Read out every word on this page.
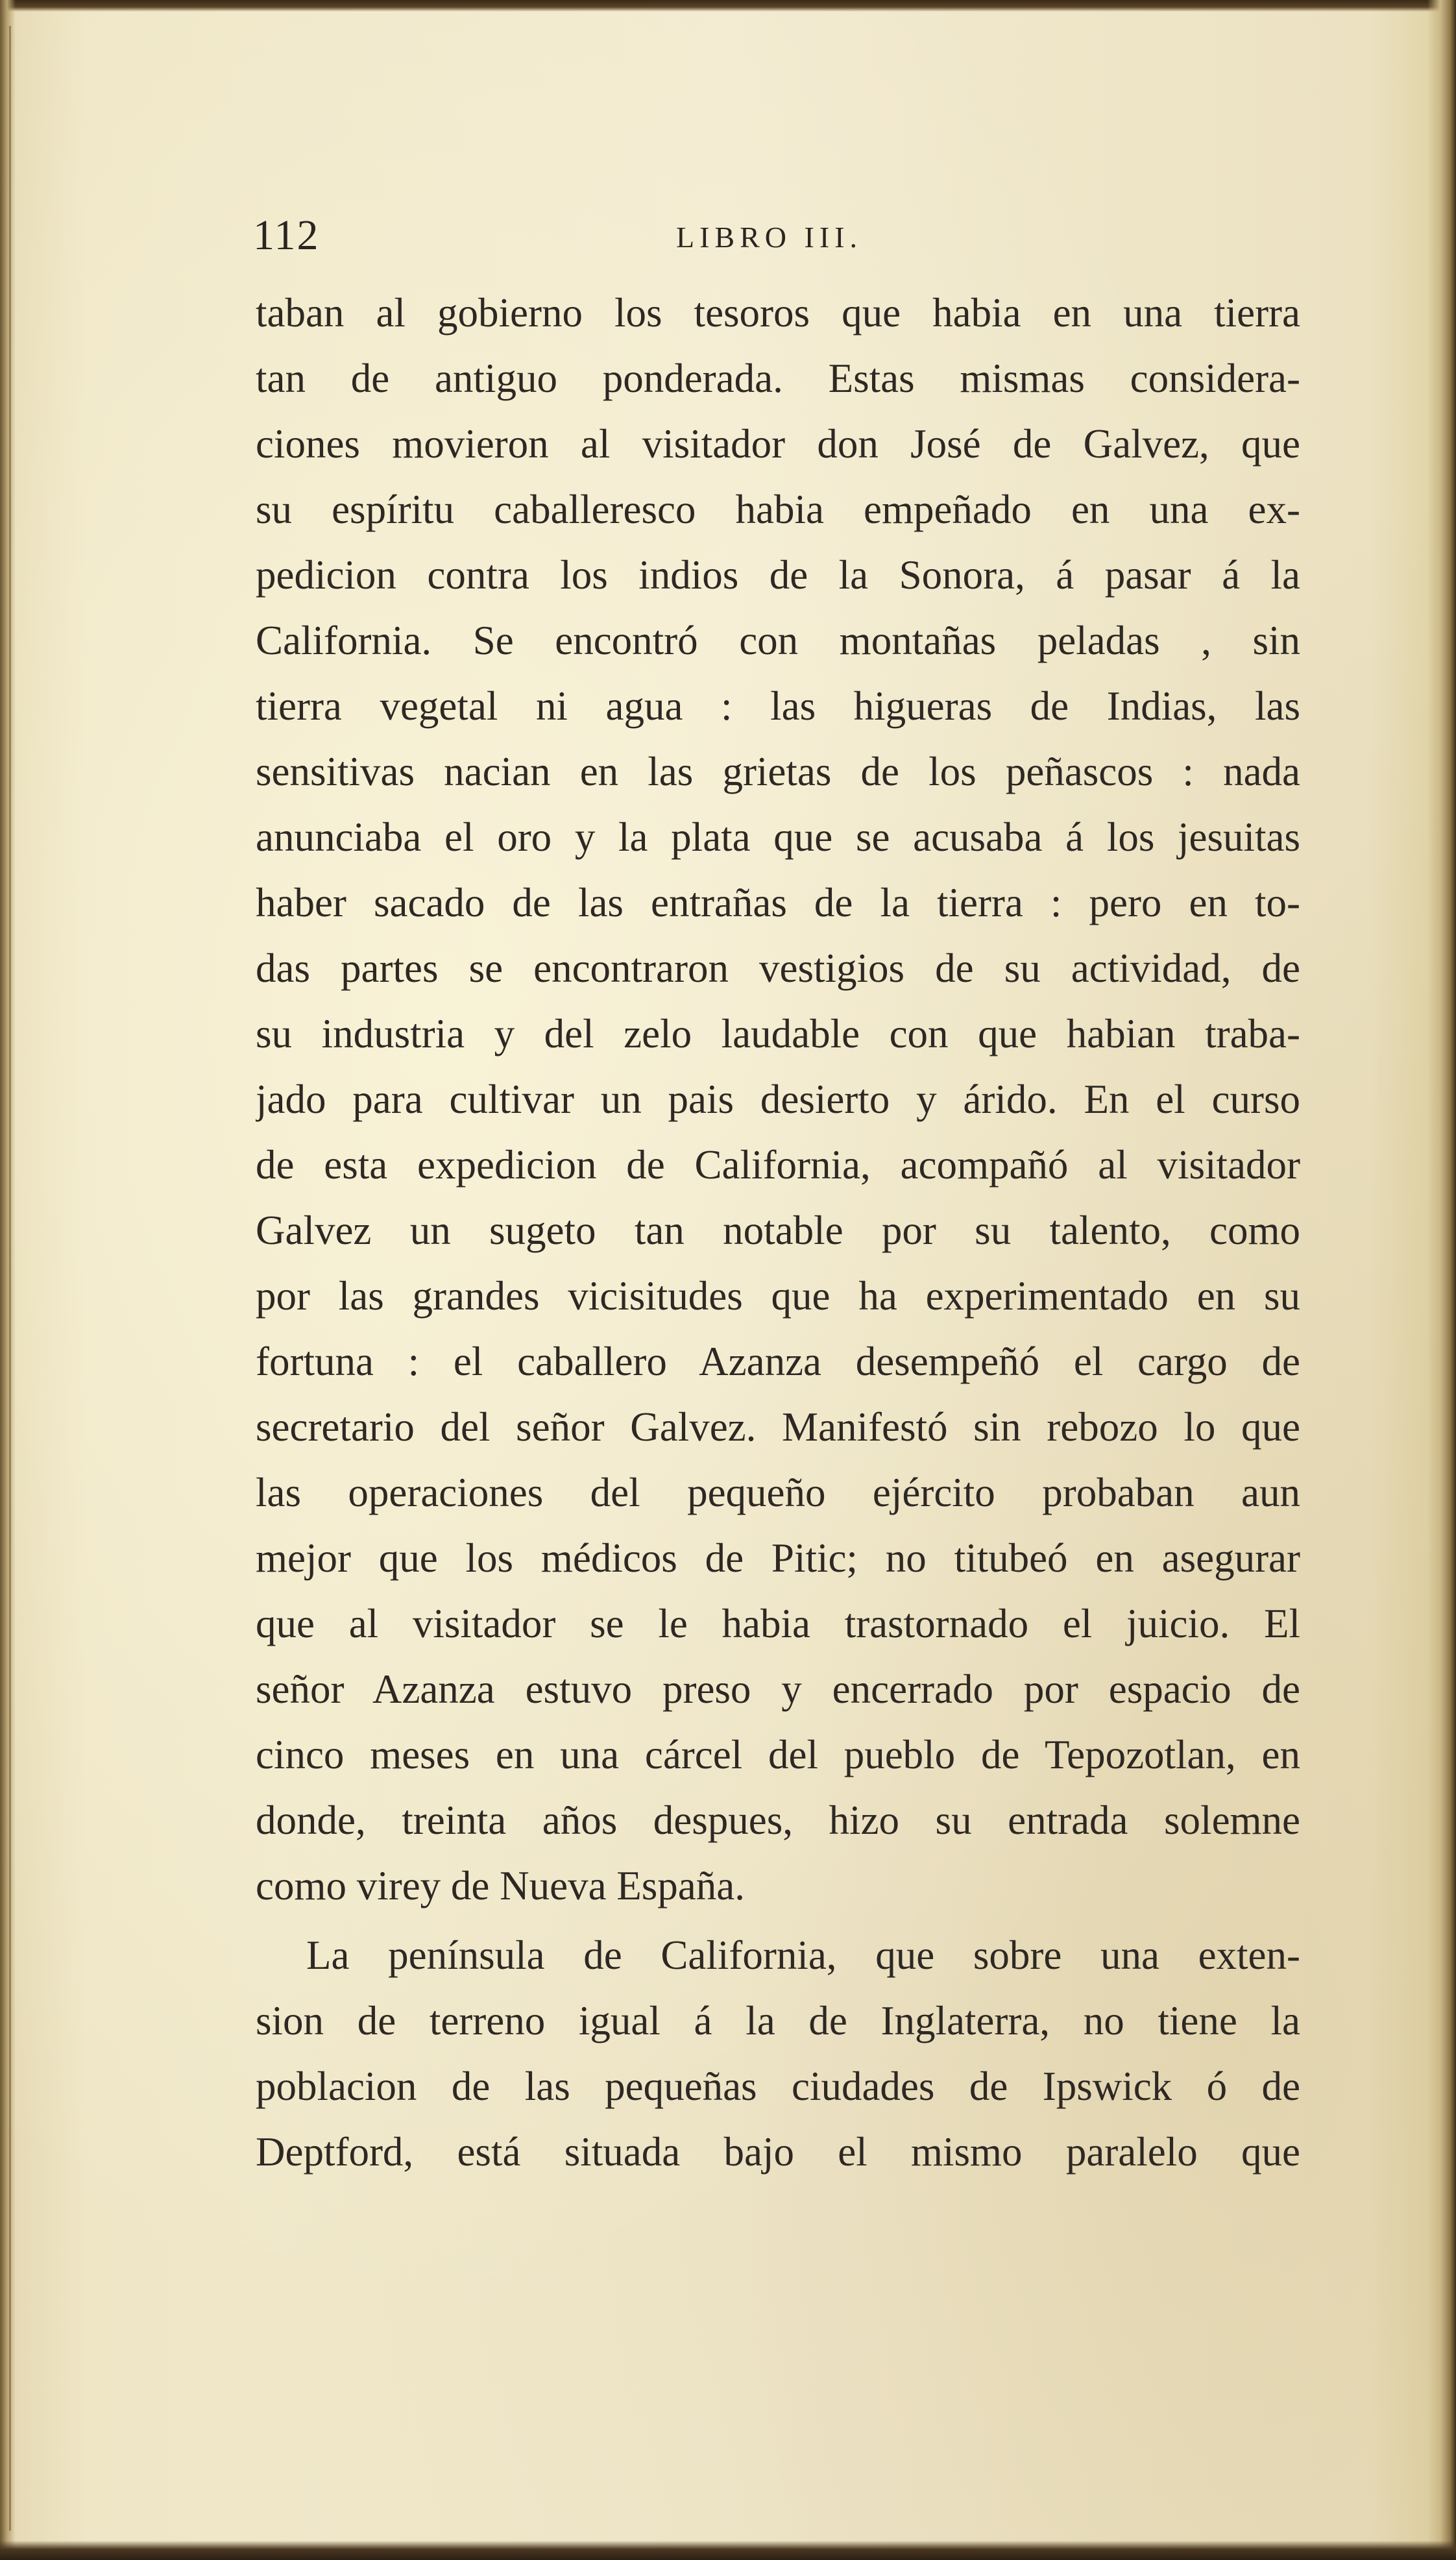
112	LIBRO III.
taban al gobierno los tesoros que habia en una tierra
tan de antiguo ponderada. Estas mismas considera-
ciones movieron al visitador don José de Galvez, que
su espíritu caballeresco habia empeñado en una ex-
pedicion contra los indios de la Sonora, á pasar á la
California. Se encontró con montañas peladas , sin
tierra vegetal ni agua : las higueras de Indias, las
sensitivas nacian en las grietas de los peñascos : nada
anunciaba el oro y la plata que se acusaba á los jesuitas
haber sacado de las entrañas de la tierra : pero en to-
das partes se encontraron vestigios de su actividad, de
su industria y del zelo laudable con que habian traba-
jado para cultivar un pais desierto y árido. En el curso
de esta expedicion de California, acompañó al visitador
Galvez un sugeto tan notable por su talento, como
por las grandes vicisitudes que ha experimentado en su
fortuna : el caballero Azanza desempeñó el cargo de
secretario del señor Galvez. Manifestó sin rebozo lo que
las operaciones del pequeño ejército probaban aun
mejor que los médicos de Pitic; no titubeó en asegurar
que al visitador se le habia trastornado el juicio. El
señor Azanza estuvo preso y encerrado por espacio de
cinco meses en una cárcel del pueblo de Tepozotlan, en
donde, treinta años despues, hizo su entrada solemne
como virey de Nueva España.
La península de California, que sobre una exten-
sion de terreno igual á la de Inglaterra, no tiene la
poblacion de las pequeñas ciudades de Ipswick ó de
Deptford, está situada bajo el mismo paralelo que
